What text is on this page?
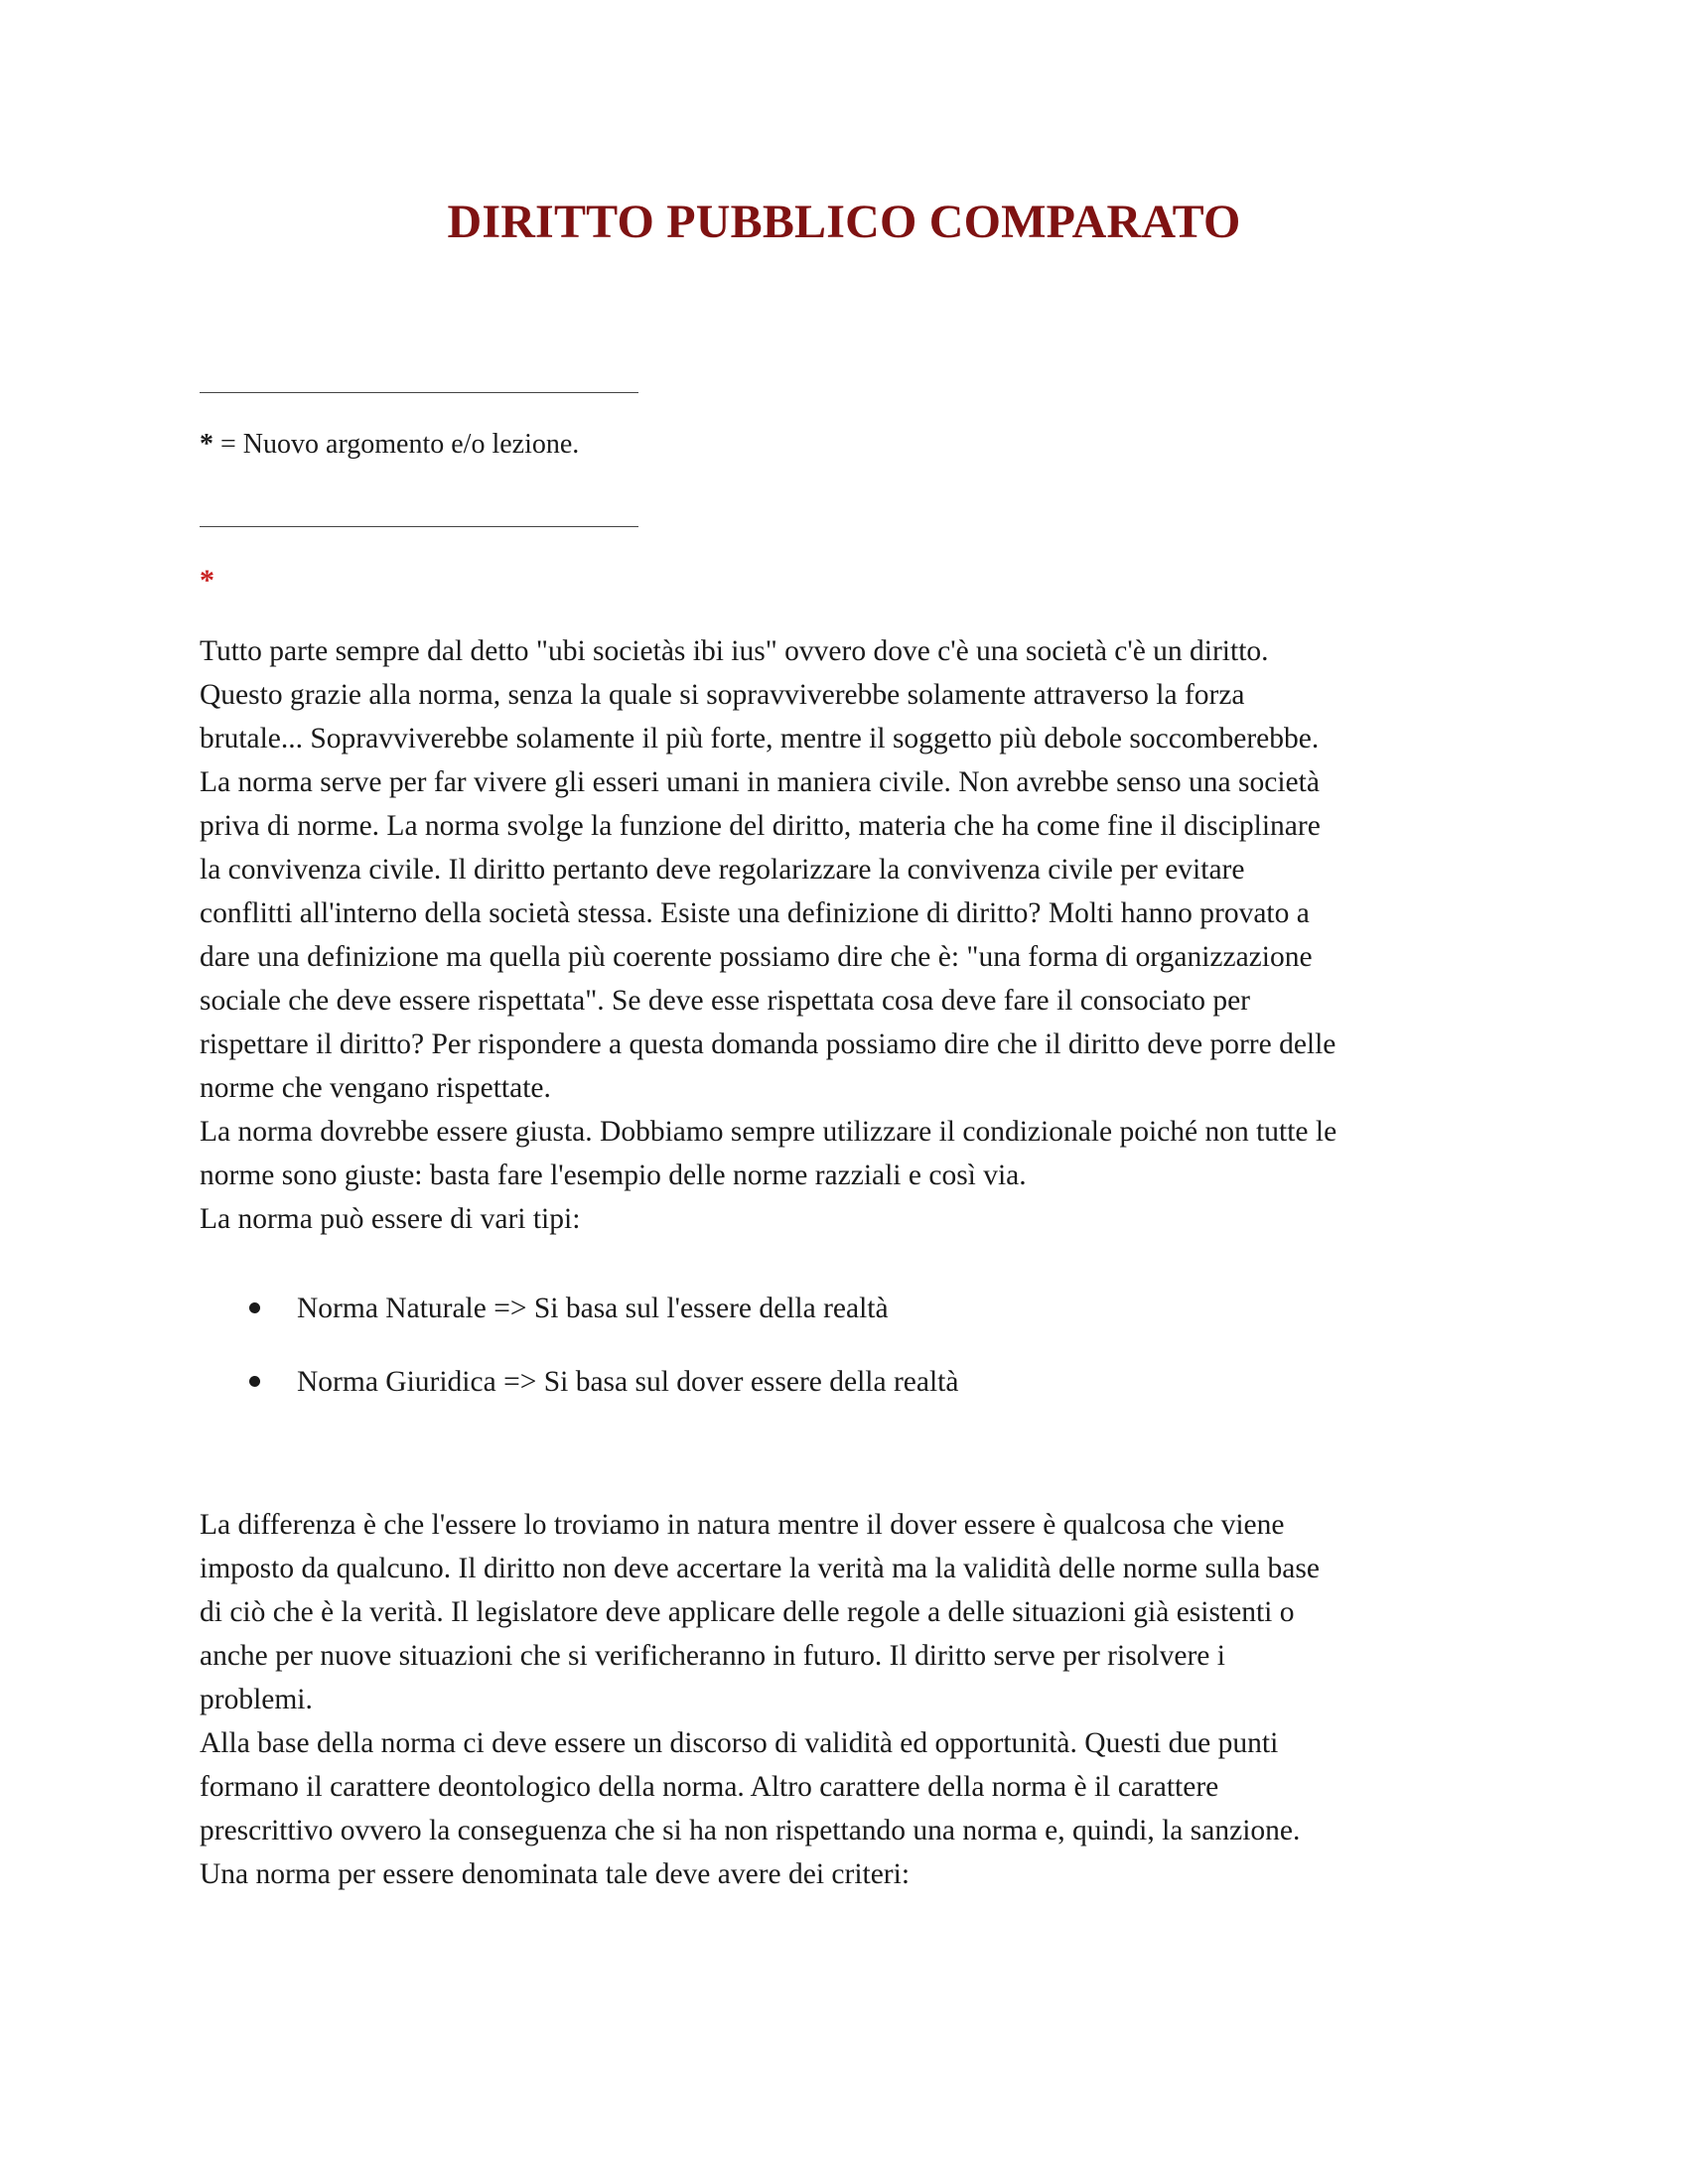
DIRITTO PUBBLICO COMPARATO
* = Nuovo argomento e/o lezione.
*
Tutto parte sempre dal detto "ubi societàs ibi ius" ovvero dove c'è una società c'è un diritto.
Questo grazie alla norma, senza la quale si sopravviverebbe solamente attraverso la forza
brutale... Sopravviverebbe solamente il più forte, mentre il soggetto più debole soccomberebbe.
La norma serve per far vivere gli esseri umani in maniera civile. Non avrebbe senso una società
priva di norme. La norma svolge la funzione del diritto, materia che ha come fine il disciplinare
la convivenza civile. Il diritto pertanto deve regolarizzare la convivenza civile per evitare
conflitti all'interno della società stessa. Esiste una definizione di diritto? Molti hanno provato a
dare una definizione ma quella più coerente possiamo dire che è: "una forma di organizzazione
sociale che deve essere rispettata". Se deve esse rispettata cosa deve fare il consociato per
rispettare il diritto? Per rispondere a questa domanda possiamo dire che il diritto deve porre delle
norme che vengano rispettate.
La norma dovrebbe essere giusta. Dobbiamo sempre utilizzare il condizionale poiché non tutte le
norme sono giuste: basta fare l'esempio delle norme razziali e così via.
La norma può essere di vari tipi:
Norma Naturale => Si basa sul l'essere della realtà
Norma Giuridica => Si basa sul dover essere della realtà
La differenza è che l'essere lo troviamo in natura mentre il dover essere è qualcosa che viene
imposto da qualcuno. Il diritto non deve accertare la verità ma la validità delle norme sulla base
di ciò che è la verità. Il legislatore deve applicare delle regole a delle situazioni già esistenti o
anche per nuove situazioni che si verificheranno in futuro. Il diritto serve per risolvere i
problemi.
Alla base della norma ci deve essere un discorso di validità ed opportunità. Questi due punti
formano il carattere deontologico della norma. Altro carattere della norma è il carattere
prescrittivo ovvero la conseguenza che si ha non rispettando una norma e, quindi, la sanzione.
Una norma per essere denominata tale deve avere dei criteri:
